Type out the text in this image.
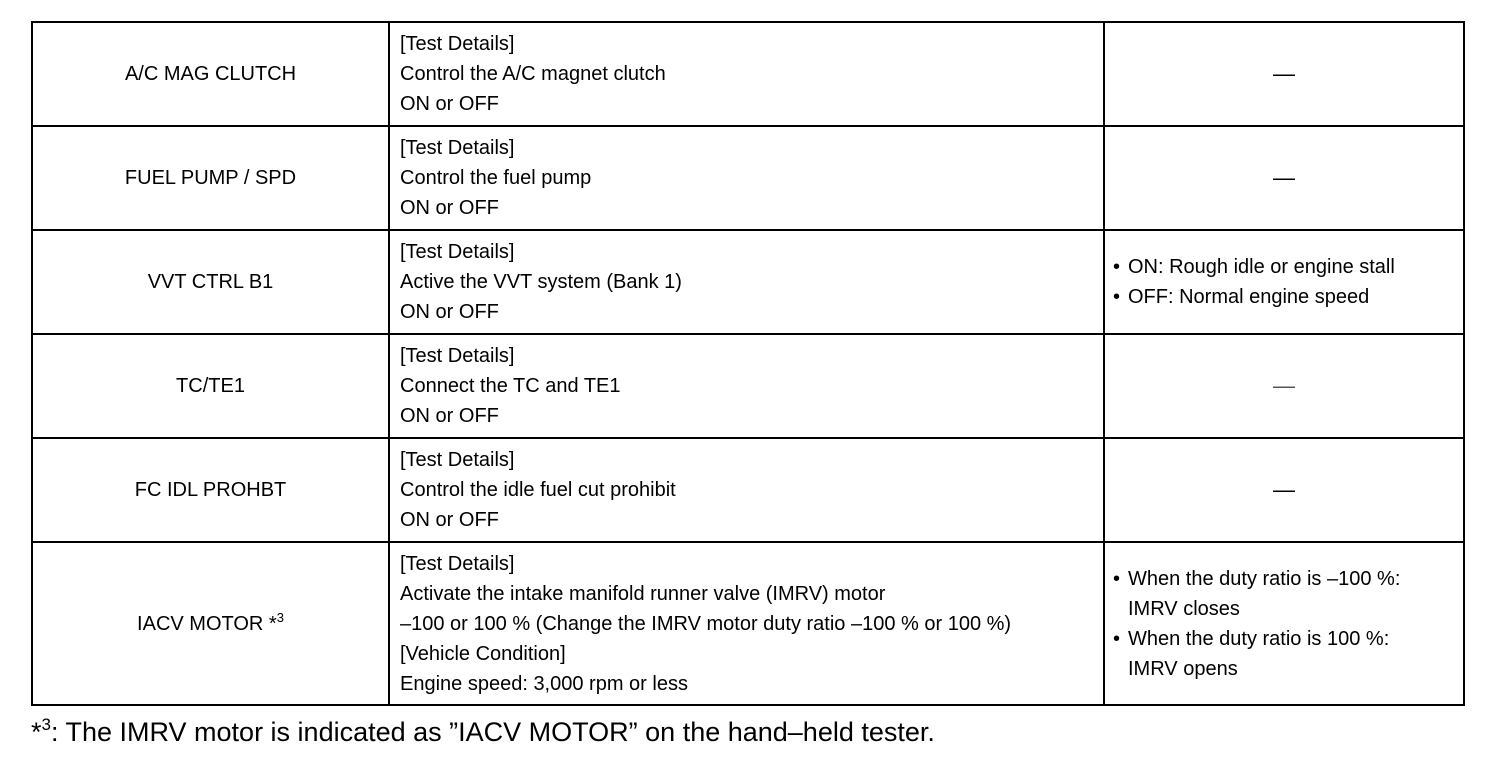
A/C MAG CLUTCH	[Test Details]
Control the A/C magnet clutch
ON or OFF	—
FUEL PUMP / SPD	[Test Details]
Control the fuel pump
ON or OFF	—
VVT CTRL B1	[Test Details]
Active the VVT system (Bank 1)
ON or OFF	• ON: Rough idle or engine stall
• OFF: Normal engine speed

TC/TE1	[Test Details]
Connect the TC and TE1
ON or OFF	—
FC IDL PROHBT	[Test Details]
Control the idle fuel cut prohibit
ON or OFF	—
IACV MOTOR *$^3$	[Test Details]
Activate the intake manifold runner valve (IMRV) motor
–100 or 100 % (Change the IMRV motor duty ratio –100 % or 100 %)
[Vehicle Condition]
Engine speed: 3,000 rpm or less	• When the duty ratio is –100 %:
IMRV closes
• When the duty ratio is 100 %:
IMRV opens
*$^3$: The IMRV motor is indicated as ”IACV MOTOR” on the hand–held tester.
